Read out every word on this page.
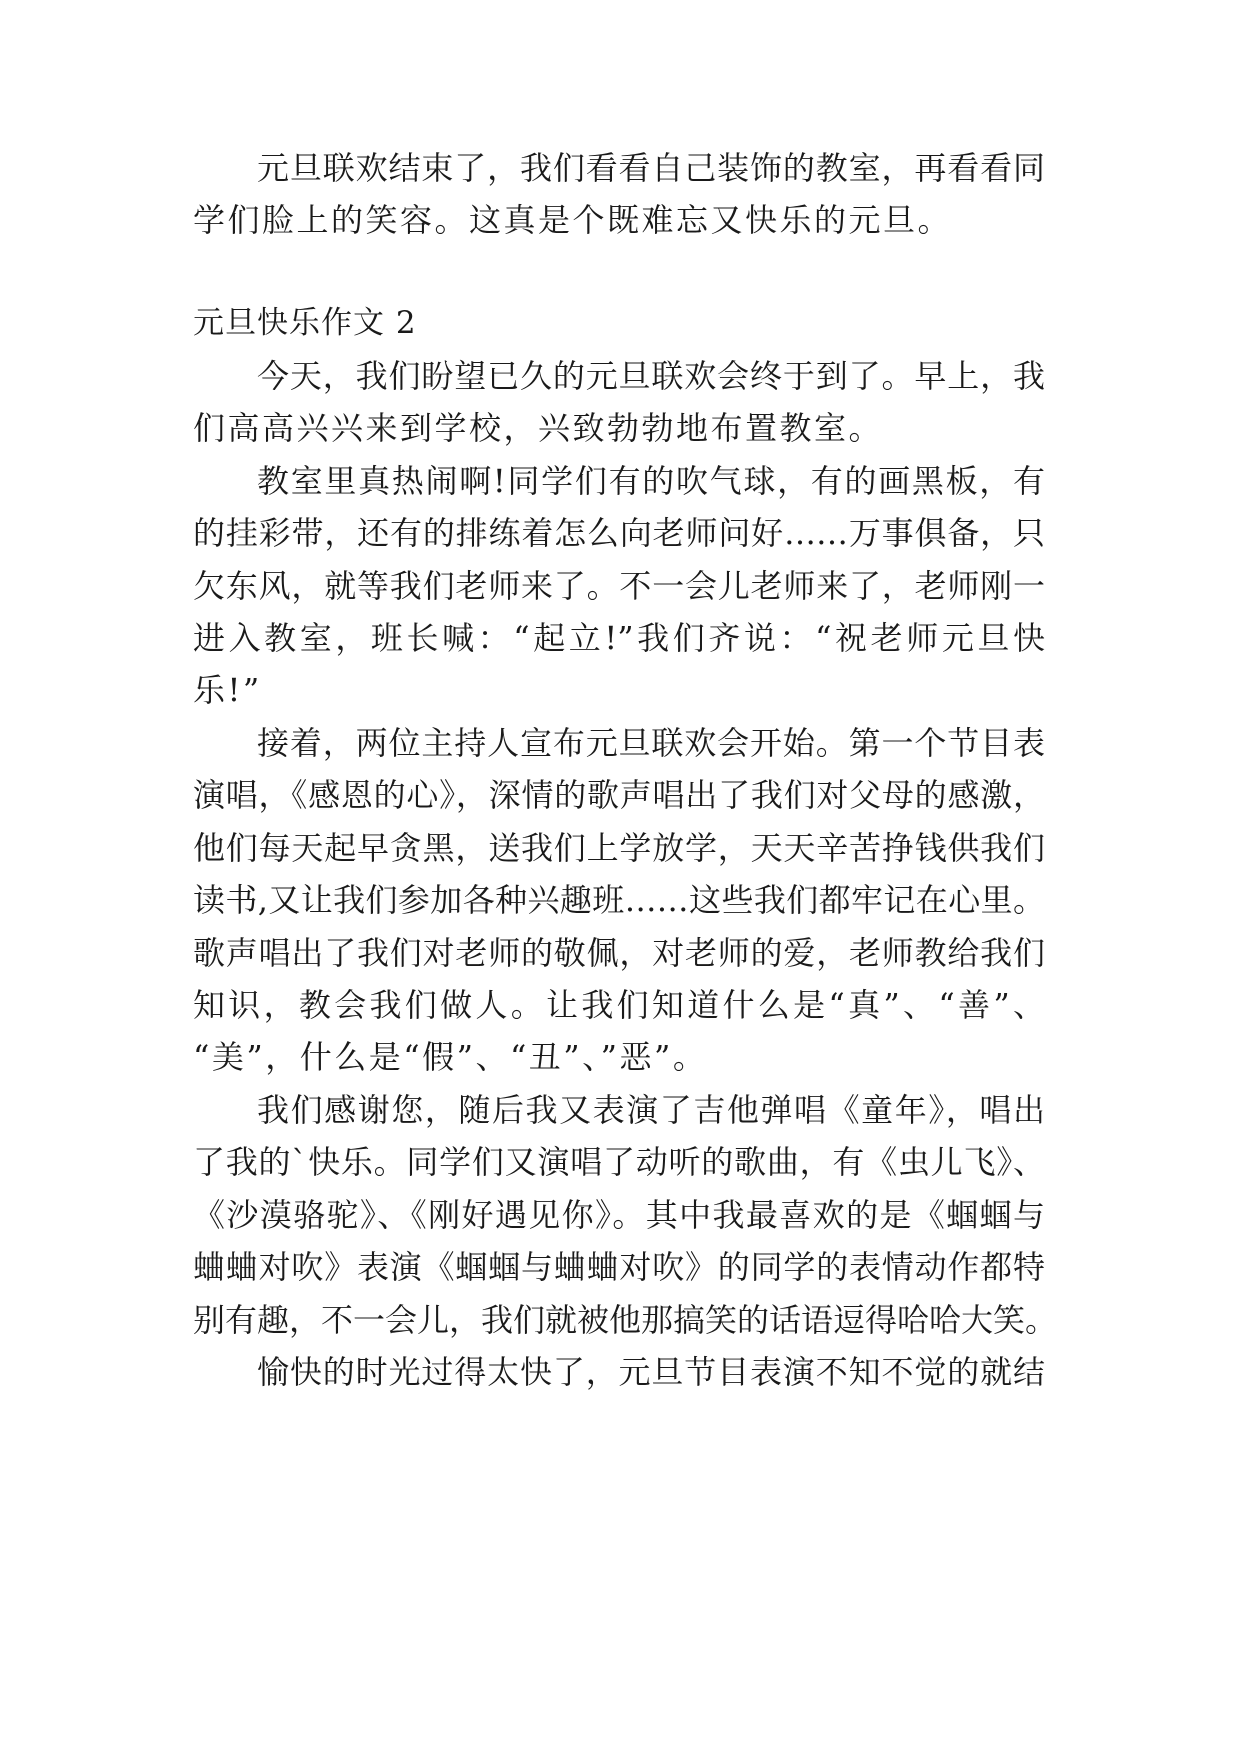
元旦联欢结束了，我们看看自己装饰的教室，再看看同
学们脸上的笑容。这真是个既难忘又快乐的元旦。
元旦快乐作文 2
今天，我们盼望已久的元旦联欢会终于到了。早上，我
们高高兴兴来到学校，兴致勃勃地布置教室。
教室里真热闹啊!同学们有的吹气球，有的画黑板，有
的挂彩带，还有的排练着怎么向老师问好……万事俱备，只
欠东风，就等我们老师来了。不一会儿老师来了，老师刚一
进入教室，班长喊：“起立!”我们齐说：“祝老师元旦快
乐!”
接着，两位主持人宣布元旦联欢会开始。第一个节目表
演唱，《感恩的心》，深情的歌声唱出了我们对父母的感激，
他们每天起早贪黑，送我们上学放学，天天辛苦挣钱供我们
读书,又让我们参加各种兴趣班……这些我们都牢记在心里。
歌声唱出了我们对老师的敬佩，对老师的爱，老师教给我们
知识，教会我们做人。让我们知道什么是“真”、“善”、
“美”，什么是“假”、“丑”、”恶”。
我们感谢您，随后我又表演了吉他弹唱《童年》，唱出
了我的`快乐。同学们又演唱了动听的歌曲，有《虫儿飞》、
《沙漠骆驼》、《刚好遇见你》。其中我最喜欢的是《蝈蝈与
蛐蛐对吹》表演《蝈蝈与蛐蛐对吹》的同学的表情动作都特
别有趣，不一会儿，我们就被他那搞笑的话语逗得哈哈大笑。
愉快的时光过得太快了，元旦节目表演不知不觉的就结
